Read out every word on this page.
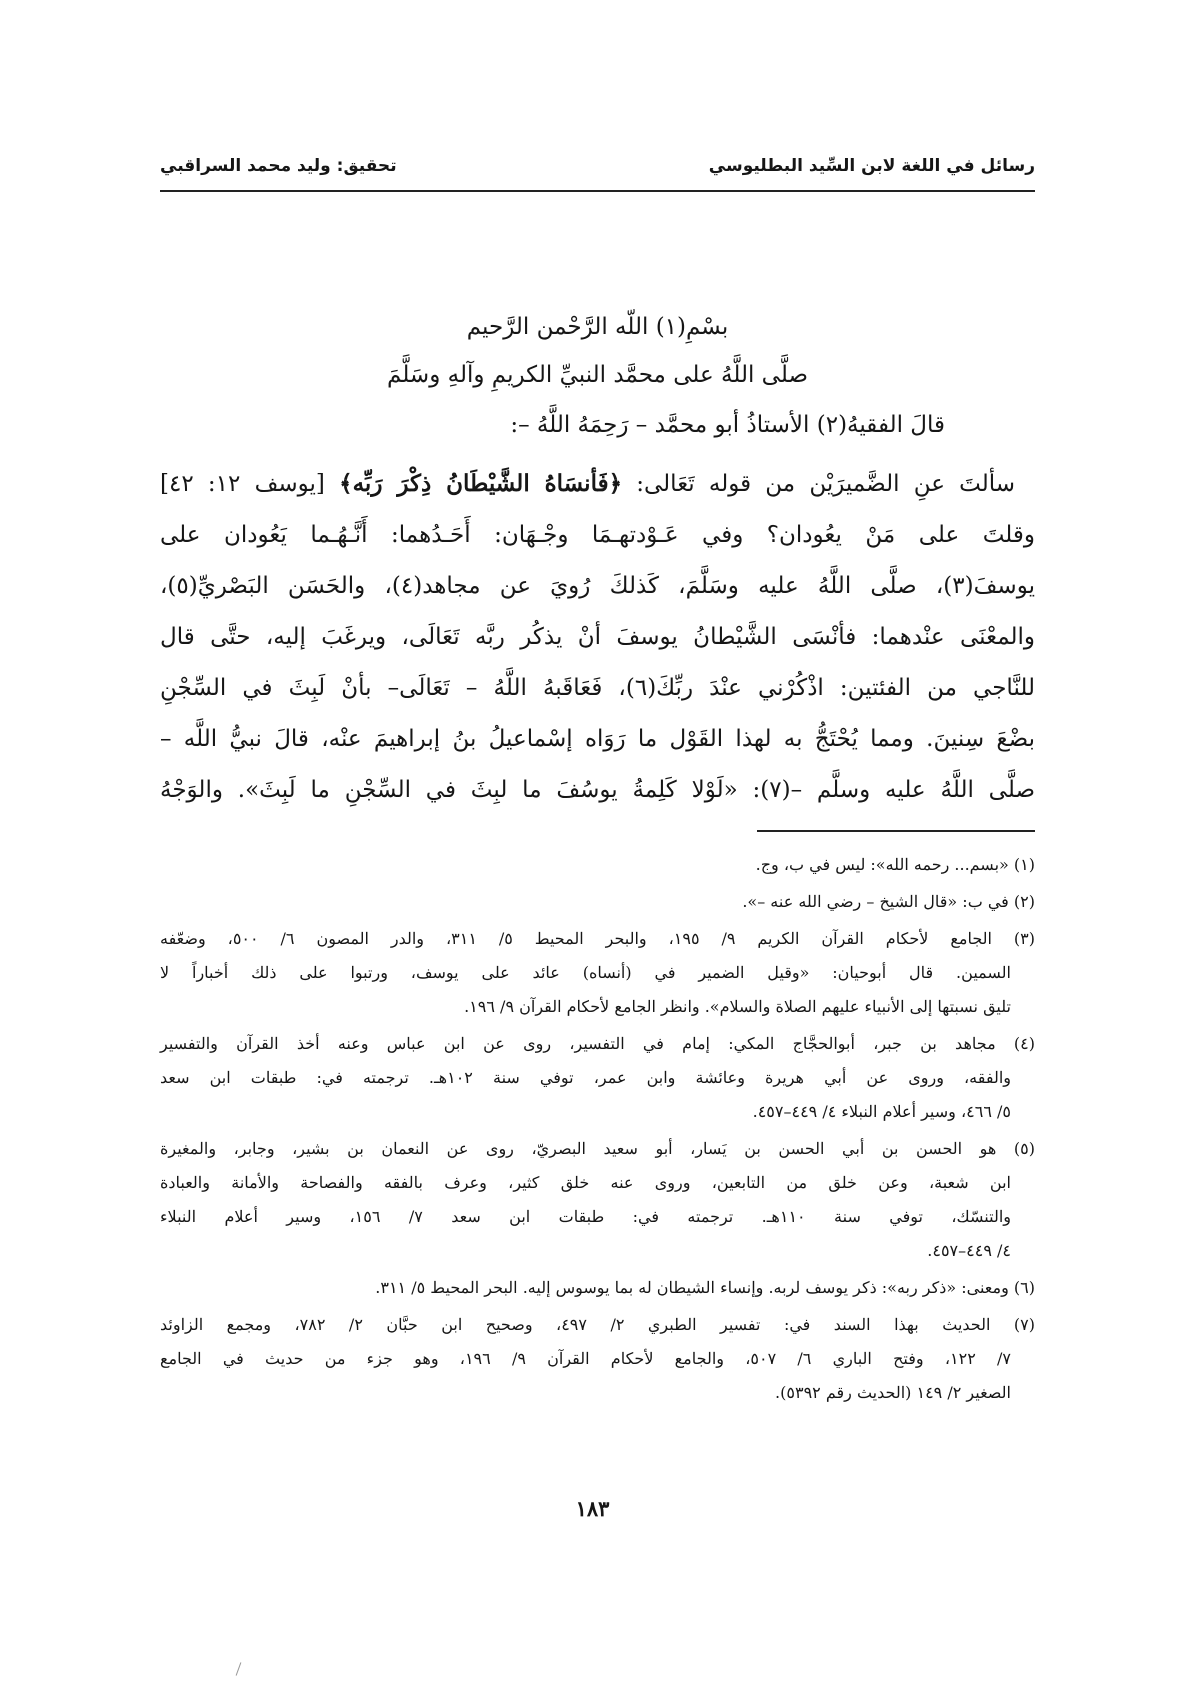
رسائل في اللغة لابن السِّيد البطليوسي
تحقيق: وليد محمد السراقبي
بسْمِ(١) اللّه الرَّحْمن الرَّحيم
صلَّى اللَّهُ على محمَّد النبيِّ الكريمِ وآلهِ وسَلَّمَ
قالَ الفقيهُ(٢) الأستاذُ أبو محمَّد – رَحِمَهُ اللَّهُ –:
سألتَ عنِ الضَّميرَيْن من قوله تَعَالى: ﴿فَأنسَاهُ الشَّيْطَانُ ذِكْرَ رَبِّه﴾ [يوسف ١٢: ٤٢]
وقلتَ على مَنْ يعُودان؟ وفي عَـوْدتهـمَا وجْـهَان: أَحَـدُهما: أَنَّـهُـما يَعُودان على
يوسفَ(٣)، صلَّى اللَّهُ عليه وسَلَّمَ، كَذلكَ رُويَ عن مجاهد(٤)، والحَسَن البَصْريِّ(٥)،
والمعْنَى عنْدهما: فأنْسَى الشَّيْطانُ يوسفَ أنْ يذكُر ربَّه تَعَالَى، ويرغَبَ إليه، حتَّى قال
للنَّاجي من الفئتين: اذْكُرْني عنْدَ ربِّكَ(٦)، فَعَاقَبهُ اللَّهُ – تَعَالَى– بأنْ لَبِثَ في السِّجْنِ
بضْعَ سِنينَ. ومما يُحْتَجُّ به لهذا القَوْل ما رَوَاه إسْماعيلُ بنُ إبراهيمَ عنْه، قالَ نبيُّ اللَّه –
صلَّى اللَّهُ عليه وسلَّم –(٧): «لَوْلا كَلِمةُ يوسُفَ ما لبِثَ في السِّجْنِ ما لَبِثَ». والوَجْهُ
(١) «بسم... رحمه الله»: ليس في ب، وج.
(٢) في ب: «قال الشيخ – رضي الله عنه –».
(٣) الجامع لأحكام القرآن الكريم ٩/ ١٩٥، والبحر المحيط ٥/ ٣١١، والدر المصون ٦/ ٥٠٠، وضعّفه
السمين. قال أبوحيان: «وقيل الضمير في (أنساه) عائد على يوسف، ورتبوا على ذلك أخباراً لا
تليق نسبتها إلى الأنبياء عليهم الصلاة والسلام». وانظر الجامع لأحكام القرآن ٩/ ١٩٦.
(٤) مجاهد بن جبر، أبوالحجَّاج المكي: إمام في التفسير، روى عن ابن عباس وعنه أخذ القرآن والتفسير
والفقه، وروى عن أبي هريرة وعائشة وابن عمر، توفي سنة ١٠٢هـ. ترجمته في: طبقات ابن سعد
٥/ ٤٦٦، وسير أعلام النبلاء ٤/ ٤٤٩–٤٥٧.
(٥) هو الحسن بن أبي الحسن بن يَسار، أبو سعيد البصريّ، روى عن النعمان بن بشير، وجابر، والمغيرة
ابن شعبة، وعن خلق من التابعين، وروى عنه خلق كثير، وعرف بالفقه والفصاحة والأمانة والعبادة
والتنسّك، توفي سنة ١١٠هـ. ترجمته في: طبقات ابن سعد ٧/ ١٥٦، وسير أعلام النبلاء
٤/ ٤٤٩–٤٥٧.
(٦) ومعنى: «ذكر ربه»: ذكر يوسف لربه. وإنساء الشيطان له بما يوسوس إليه. البحر المحيط ٥/ ٣١١.
(٧) الحديث بهذا السند في: تفسير الطبري ٢/ ٤٩٧، وصحيح ابن حبَّان ٢/ ٧٨٢، ومجمع الزاوئد
٧/ ١٢٢، وفتح الباري ٦/ ٥٠٧، والجامع لأحكام القرآن ٩/ ١٩٦، وهو جزء من حديث في الجامع
الصغير ٢/ ١٤٩ (الحديث رقم ٥٣٩٢).
١٨٣
